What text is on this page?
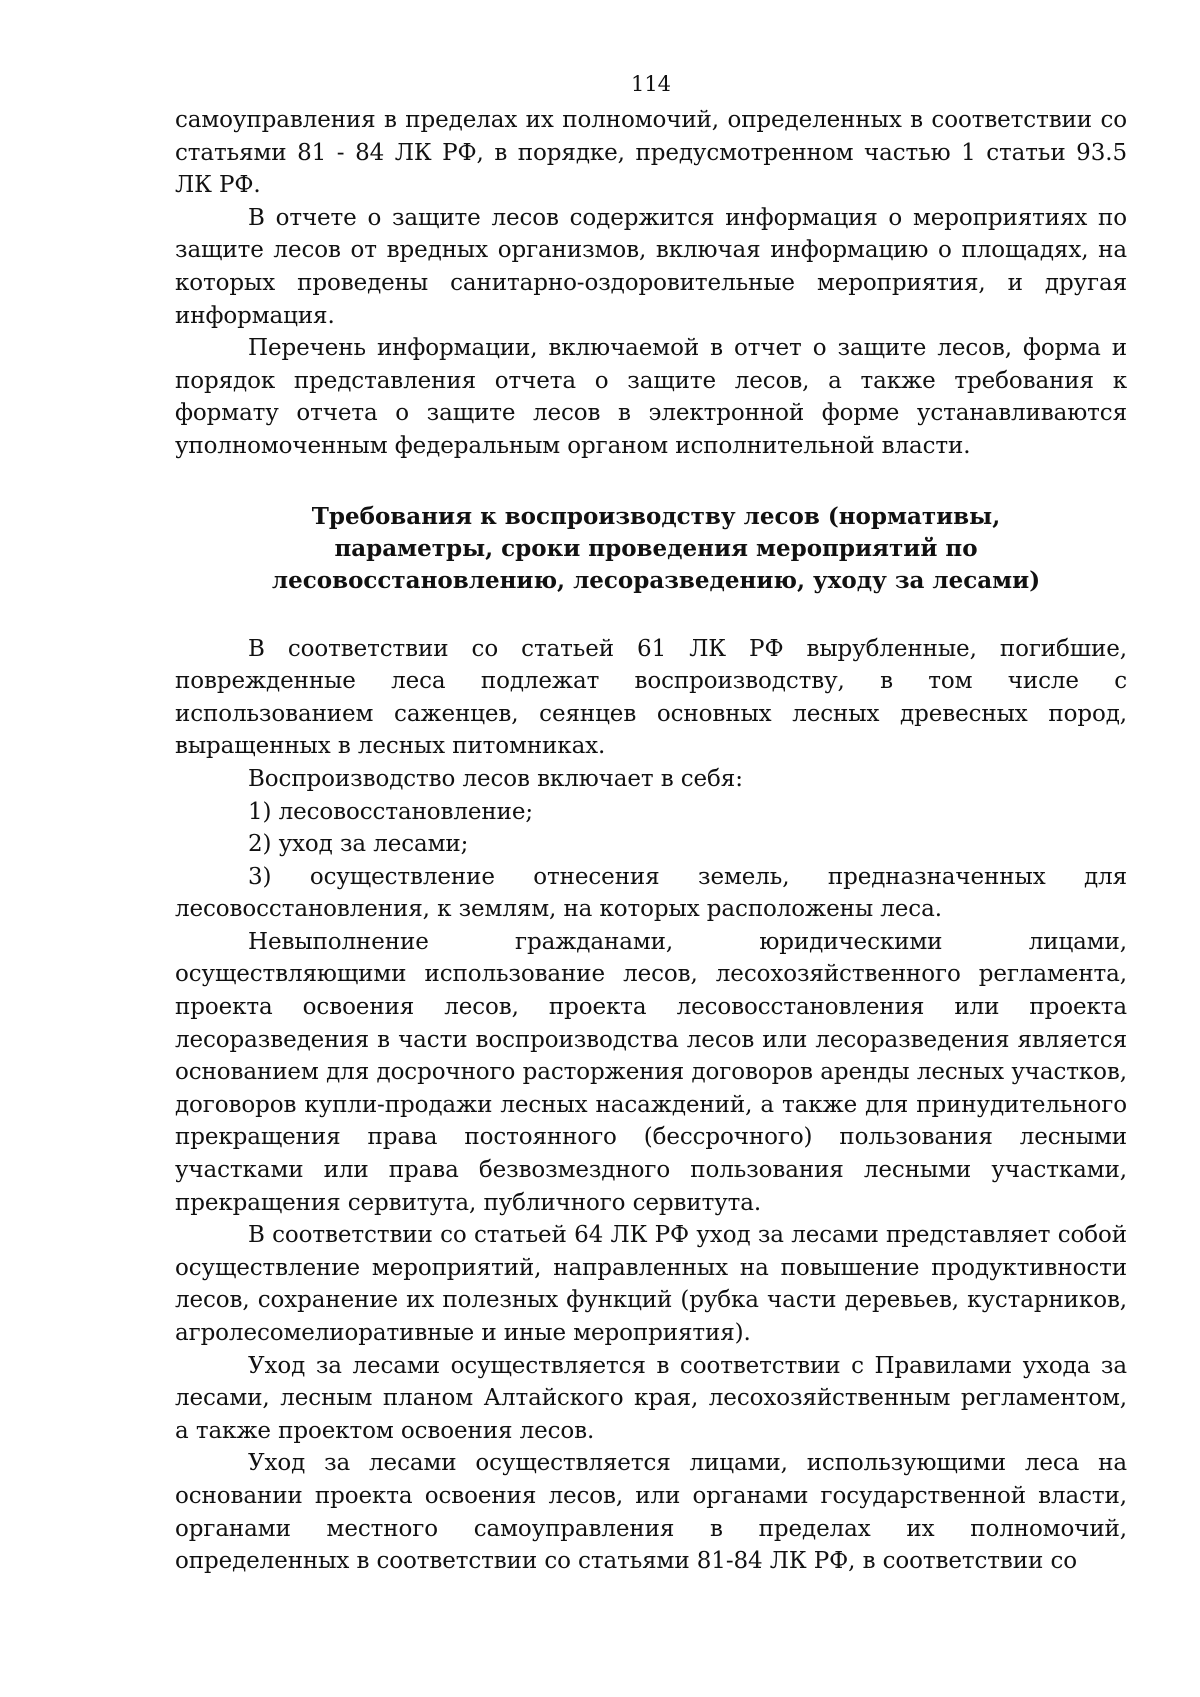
114

самоуправления в пределах их полномочий, определенных в соответствии со статьями 81 - 84 ЛК РФ, в порядке, предусмотренном частью 1 статьи 93.5 ЛК РФ.

В отчете о защите лесов содержится информация о мероприятиях по защите лесов от вредных организмов, включая информацию о площадях, на которых проведены санитарно-оздоровительные мероприятия, и другая информация.

Перечень информации, включаемой в отчет о защите лесов, форма и порядок представления отчета о защите лесов, а также требования к формату отчета о защите лесов в электронной форме устанавливаются уполномоченным федеральным органом исполнительной власти.

Требования к воспроизводству лесов (нормативы, параметры, сроки проведения мероприятий по лесовосстановлению, лесоразведению, уходу за лесами)

В соответствии со статьей 61 ЛК РФ вырубленные, погибшие, поврежденные леса подлежат воспроизводству, в том числе с использованием саженцев, сеянцев основных лесных древесных пород, выращенных в лесных питомниках.

Воспроизводство лесов включает в себя:

1) лесовосстановление;

2) уход за лесами;

3) осуществление отнесения земель, предназначенных для лесовосстановления, к землям, на которых расположены леса.

Невыполнение гражданами, юридическими лицами, осуществляющими использование лесов, лесохозяйственного регламента, проекта освоения лесов, проекта лесовосстановления или проекта лесоразведения в части воспроизводства лесов или лесоразведения является основанием для досрочного расторжения договоров аренды лесных участков, договоров купли-продажи лесных насаждений, а также для принудительного прекращения права постоянного (бессрочного) пользования лесными участками или права безвозмездного пользования лесными участками, прекращения сервитута, публичного сервитута.

В соответствии со статьей 64 ЛК РФ уход за лесами представляет собой осуществление мероприятий, направленных на повышение продуктивности лесов, сохранение их полезных функций (рубка части деревьев, кустарников, агролесомелиоративные и иные мероприятия).

Уход за лесами осуществляется в соответствии с Правилами ухода за лесами, лесным планом Алтайского края, лесохозяйственным регламентом, а также проектом освоения лесов.

Уход за лесами осуществляется лицами, использующими леса на основании проекта освоения лесов, или органами государственной власти, органами местного самоуправления в пределах их полномочий, определенных в соответствии со статьями 81-84 ЛК РФ, в соответствии со
